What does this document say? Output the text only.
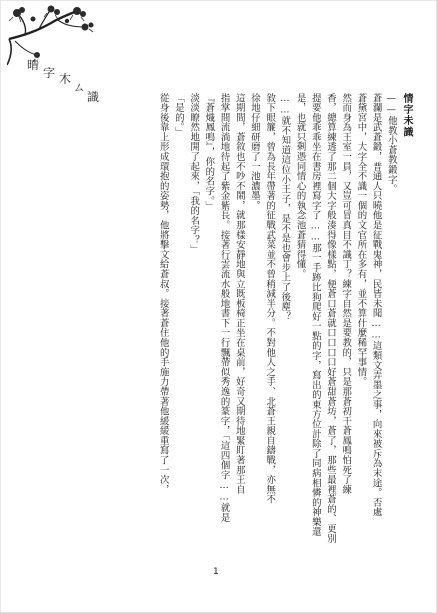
晴
字 木
ㄙ
識	情字未識
——他教小蒼教鍛字。
蒼瀾是武蒼鍛，普通人只曉他是征戰鬼神，民皆未聞……這類文弄墨之事，向來被斥為末途。否處
蒼黛宮中，大字全不識一個的文官所在多有，並不算什麼稀罕事情。
然而身為王室一員，又豈可冒真目不識丁？練字自然是要教的，只是那蒼初干蒼鳳鳴怕死了練
香，總算練透了那二個大字般湊得像樣點，便蒼口蒼就口口口口好蒼甜蒼坊，蒼了，那些最裡蒼的、更別
提要他乖乖坐在書房裡寫字了……那一手跡比狗爬好一點的字，寫出的東方位計除了同病相憐的神樂還
是，也就只剩憑同情心的執念池蒼猜得懂。
……就不知道這位小王子，是不是也會步上了後塵？
敘下眼簾，曾為長年帶著的征戰武菜並不曾稍減半分。不對他人之手、北蒼王親自鑄戰，亦無不
徐地仔細研磨了一池濃墨。
這期間，蒼敘也不吵不鬧，就那樣安靜地與立既板椅正坐在桌前，好奇又期待地緊盯著那王自
指掌間流淌地待起了紫金紫長。接著行雲流水般地書下一行飄帶似秀逸的篆字，「這四個字……就是
『蒼熾鳳鳴』，你的名字。」
淡淡瞭然地開了起來，「我的名字？」
「是的。」
從身後靠上形成環抱的姿勢，他將擊文給蒼叔。接著蒼住他的手施力帶著他緩緩重寫了一次，
1
